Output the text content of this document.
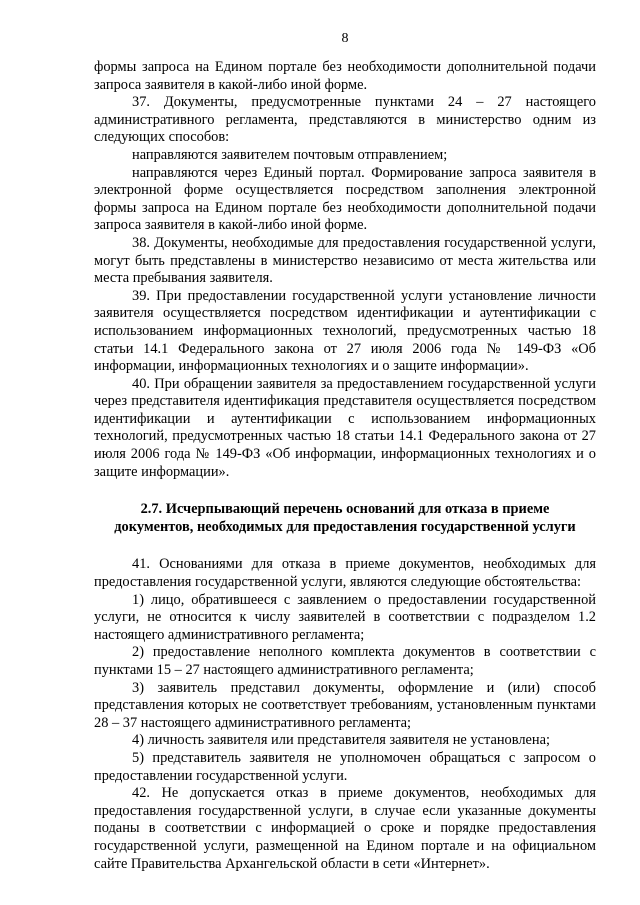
8

формы запроса на Едином портале без необходимости дополнительной подачи запроса заявителя в какой-либо иной форме.

37. Документы, предусмотренные пунктами 24 – 27 настоящего административного регламента, представляются в министерство одним из следующих способов:

направляются заявителем почтовым отправлением;

направляются через Единый портал. Формирование запроса заявителя в электронной форме осуществляется посредством заполнения электронной формы запроса на Едином портале без необходимости дополнительной подачи запроса заявителя в какой-либо иной форме.

38. Документы, необходимые для предоставления государственной услуги, могут быть представлены в министерство независимо от места жительства или места пребывания заявителя.

39. При предоставлении государственной услуги установление личности заявителя осуществляется посредством идентификации и аутентификации с использованием информационных технологий, предусмотренных частью 18 статьи 14.1 Федерального закона от 27 июля 2006 года № 149-ФЗ «Об информации, информационных технологиях и о защите информации».

40. При обращении заявителя за предоставлением государственной услуги через представителя идентификация представителя осуществляется посредством идентификации и аутентификации с использованием информационных технологий, предусмотренных частью 18 статьи 14.1 Федерального закона от 27 июля 2006 года № 149-ФЗ «Об информации, информационных технологиях и о защите информации».

2.7. Исчерпывающий перечень оснований для отказа в приеме документов, необходимых для предоставления государственной услуги

41. Основаниями для отказа в приеме документов, необходимых для предоставления государственной услуги, являются следующие обстоятельства:

1) лицо, обратившееся с заявлением о предоставлении государственной услуги, не относится к числу заявителей в соответствии с подразделом 1.2 настоящего административного регламента;

2) предоставление неполного комплекта документов в соответствии с пунктами 15 – 27 настоящего административного регламента;

3) заявитель представил документы, оформление и (или) способ представления которых не соответствует требованиям, установленным пунктами 28 – 37 настоящего административного регламента;

4) личность заявителя или представителя заявителя не установлена;

5) представитель заявителя не уполномочен обращаться с запросом о предоставлении государственной услуги.

42. Не допускается отказ в приеме документов, необходимых для предоставления государственной услуги, в случае если указанные документы поданы в соответствии с информацией о сроке и порядке предоставления государственной услуги, размещенной на Едином портале и на официальном сайте Правительства Архангельской области в сети «Интернет».
